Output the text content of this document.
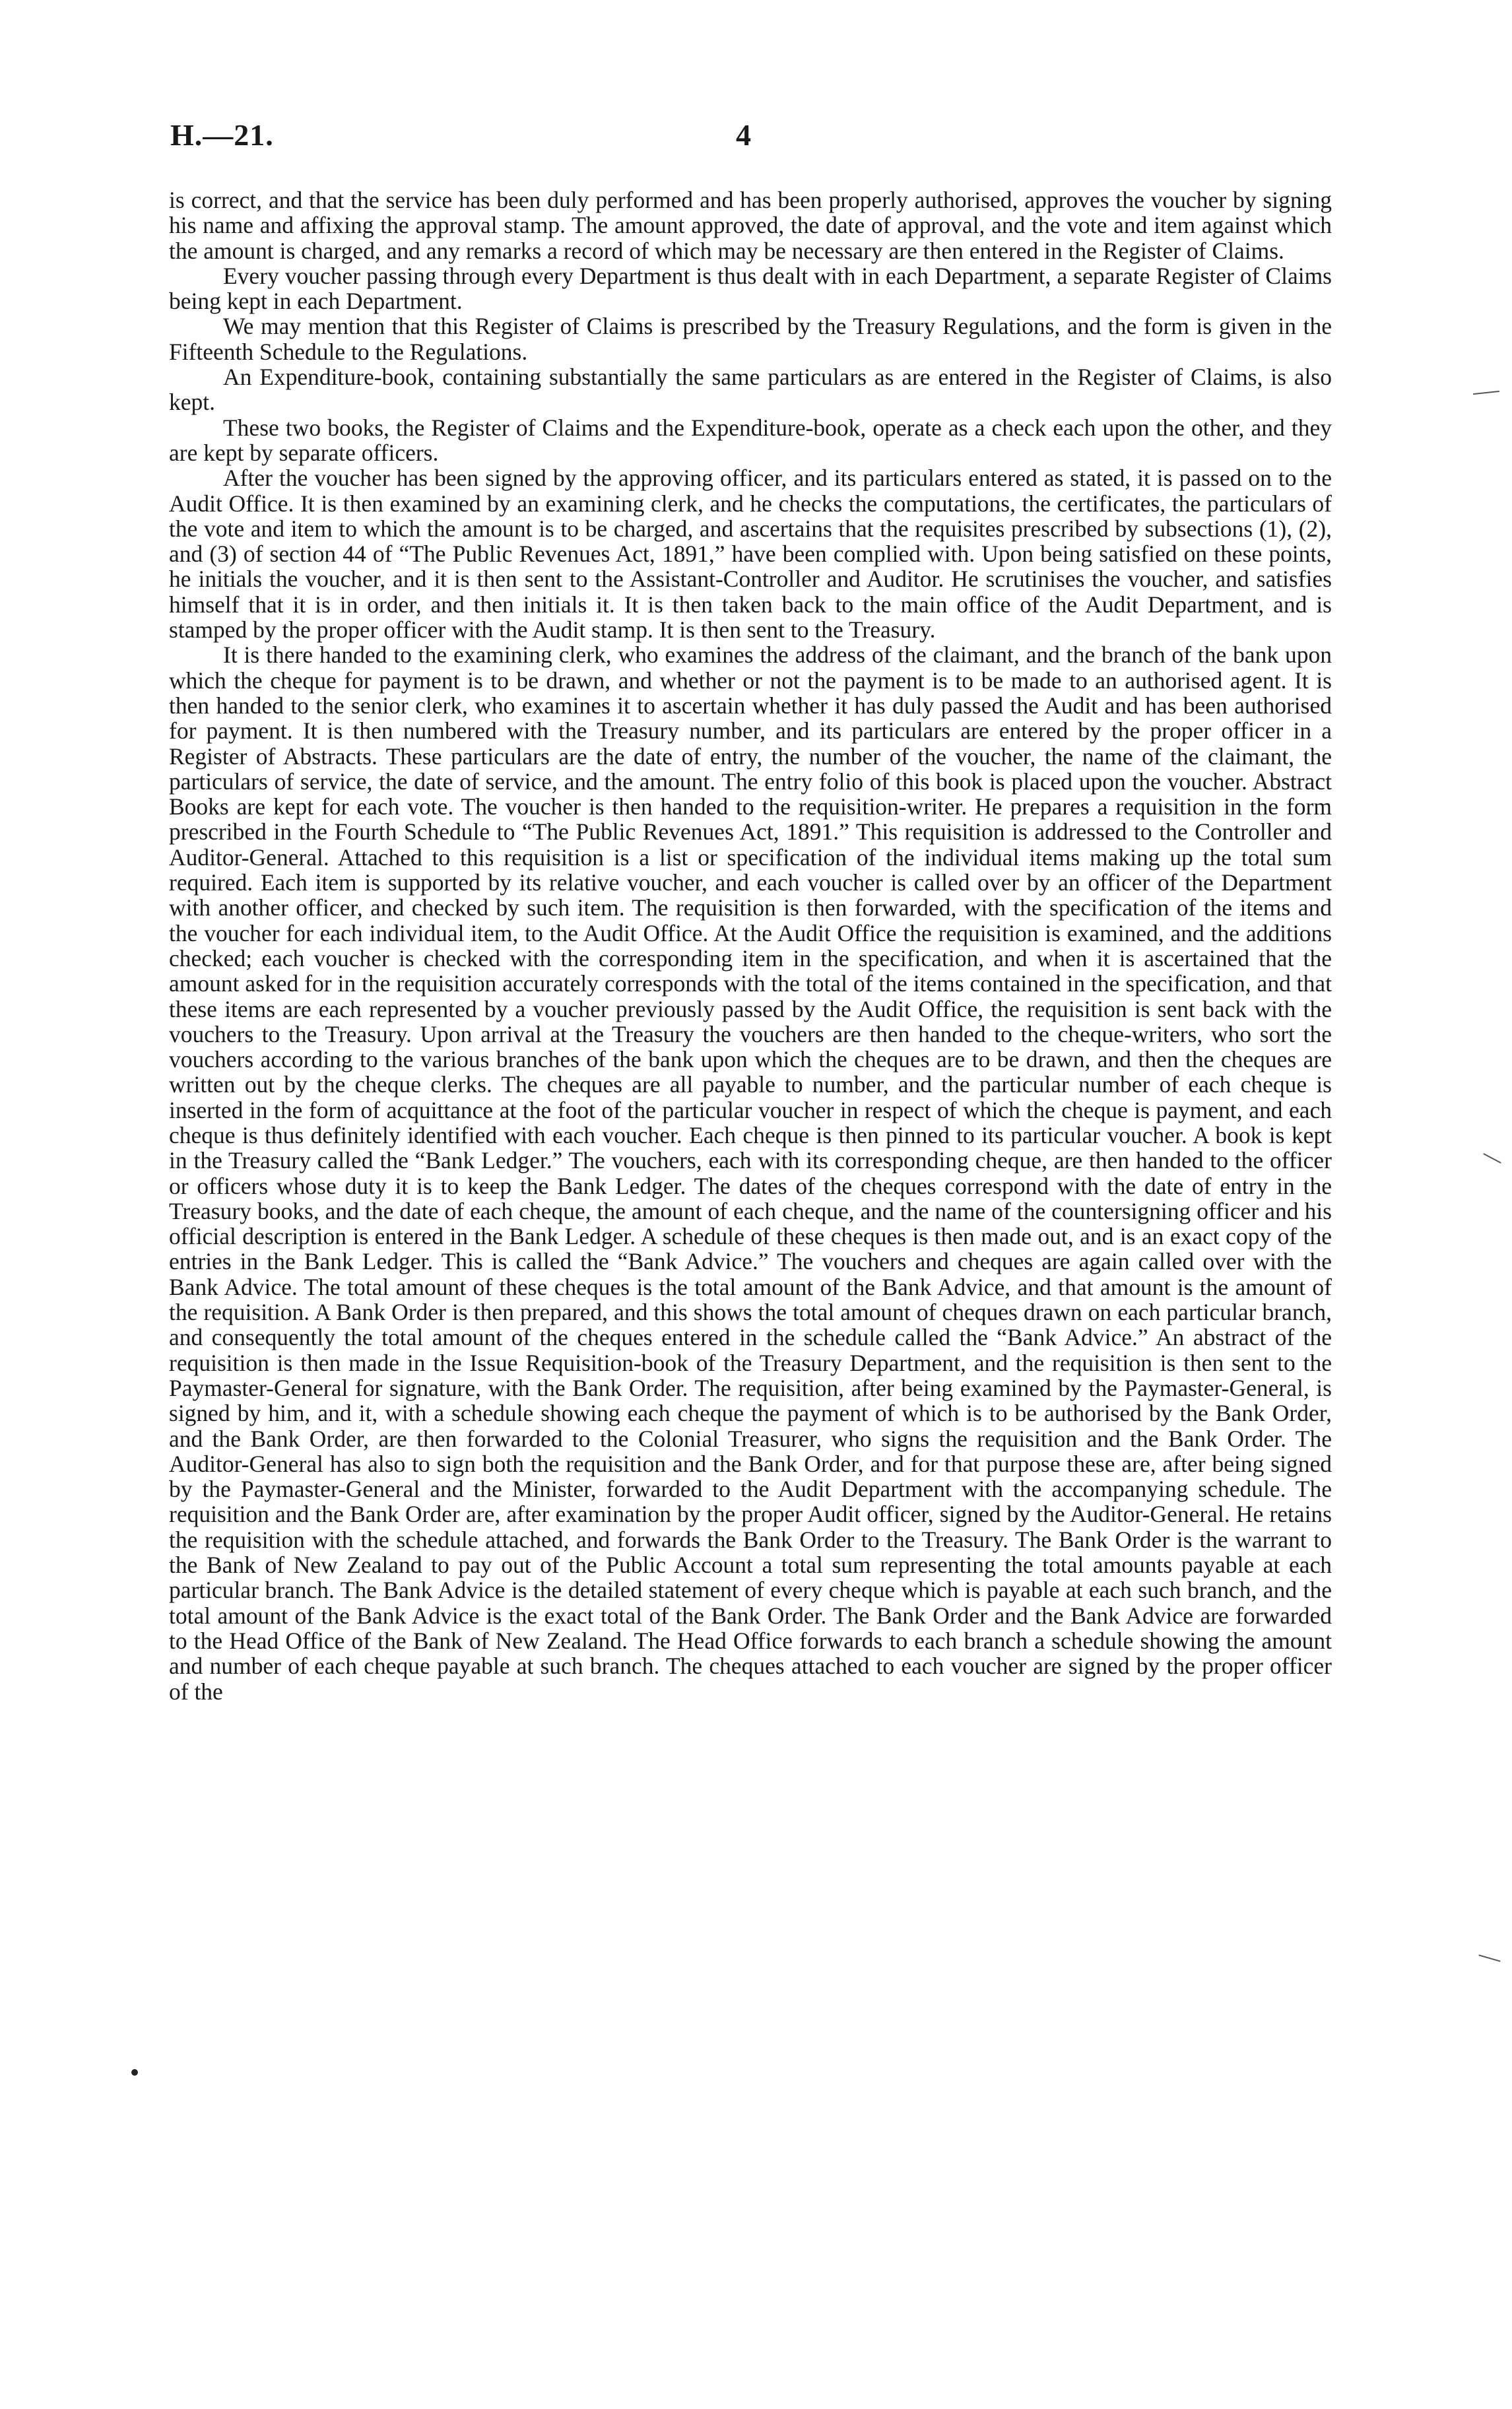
H.—21.	4

is correct, and that the service has been duly performed and has been properly authorised, approves the voucher by signing his name and affixing the approval stamp. The amount approved, the date of approval, and the vote and item against which the amount is charged, and any remarks a record of which may be necessary are then entered in the Register of Claims.

Every voucher passing through every Department is thus dealt with in each Department, a separate Register of Claims being kept in each Department.

We may mention that this Register of Claims is prescribed by the Treasury Regulations, and the form is given in the Fifteenth Schedule to the Regulations.

An Expenditure-book, containing substantially the same particulars as are entered in the Register of Claims, is also kept.

These two books, the Register of Claims and the Expenditure-book, operate as a check each upon the other, and they are kept by separate officers.

After the voucher has been signed by the approving officer, and its particulars entered as stated, it is passed on to the Audit Office. It is then examined by an examining clerk, and he checks the computations, the certificates, the particulars of the vote and item to which the amount is to be charged, and ascertains that the requisites prescribed by subsections (1), (2), and (3) of section 44 of “The Public Revenues Act, 1891,” have been complied with. Upon being satisfied on these points, he initials the voucher, and it is then sent to the Assistant-Controller and Auditor. He scrutinises the voucher, and satisfies himself that it is in order, and then initials it. It is then taken back to the main office of the Audit Department, and is stamped by the proper officer with the Audit stamp. It is then sent to the Treasury.

It is there handed to the examining clerk, who examines the address of the claimant, and the branch of the bank upon which the cheque for payment is to be drawn, and whether or not the payment is to be made to an authorised agent. It is then handed to the senior clerk, who examines it to ascertain whether it has duly passed the Audit and has been authorised for payment. It is then numbered with the Treasury number, and its particulars are entered by the proper officer in a Register of Abstracts. These particulars are the date of entry, the number of the voucher, the name of the claimant, the particulars of service, the date of service, and the amount. The entry folio of this book is placed upon the voucher. Abstract Books are kept for each vote. The voucher is then handed to the requisition-writer. He prepares a requisition in the form prescribed in the Fourth Schedule to “The Public Revenues Act, 1891.” This requisition is addressed to the Controller and Auditor-General. Attached to this requisition is a list or specification of the individual items making up the total sum required. Each item is supported by its relative voucher, and each voucher is called over by an officer of the Department with another officer, and checked by such item. The requisition is then forwarded, with the specification of the items and the voucher for each individual item, to the Audit Office. At the Audit Office the requisition is examined, and the additions checked; each voucher is checked with the corresponding item in the specification, and when it is ascertained that the amount asked for in the requisition accurately corresponds with the total of the items contained in the specification, and that these items are each represented by a voucher previously passed by the Audit Office, the requisition is sent back with the vouchers to the Treasury. Upon arrival at the Treasury the vouchers are then handed to the cheque-writers, who sort the vouchers according to the various branches of the bank upon which the cheques are to be drawn, and then the cheques are written out by the cheque clerks. The cheques are all payable to number, and the particular number of each cheque is inserted in the form of acquittance at the foot of the particular voucher in respect of which the cheque is payment, and each cheque is thus definitely identified with each voucher. Each cheque is then pinned to its particular voucher. A book is kept in the Treasury called the “Bank Ledger.” The vouchers, each with its corresponding cheque, are then handed to the officer or officers whose duty it is to keep the Bank Ledger. The dates of the cheques correspond with the date of entry in the Treasury books, and the date of each cheque, the amount of each cheque, and the name of the countersigning officer and his official description is entered in the Bank Ledger. A schedule of these cheques is then made out, and is an exact copy of the entries in the Bank Ledger. This is called the “Bank Advice.” The vouchers and cheques are again called over with the Bank Advice. The total amount of these cheques is the total amount of the Bank Advice, and that amount is the amount of the requisition. A Bank Order is then prepared, and this shows the total amount of cheques drawn on each particular branch, and consequently the total amount of the cheques entered in the schedule called the “Bank Advice.” An abstract of the requisition is then made in the Issue Requisition-book of the Treasury Department, and the requisition is then sent to the Paymaster-General for signature, with the Bank Order. The requisition, after being examined by the Paymaster-General, is signed by him, and it, with a schedule showing each cheque the payment of which is to be authorised by the Bank Order, and the Bank Order, are then forwarded to the Colonial Treasurer, who signs the requisition and the Bank Order. The Auditor-General has also to sign both the requisition and the Bank Order, and for that purpose these are, after being signed by the Paymaster-General and the Minister, forwarded to the Audit Department with the accompanying schedule. The requisition and the Bank Order are, after examination by the proper Audit officer, signed by the Auditor-General. He retains the requisition with the schedule attached, and forwards the Bank Order to the Treasury. The Bank Order is the warrant to the Bank of New Zealand to pay out of the Public Account a total sum representing the total amounts payable at each particular branch. The Bank Advice is the detailed statement of every cheque which is payable at each such branch, and the total amount of the Bank Advice is the exact total of the Bank Order. The Bank Order and the Bank Advice are forwarded to the Head Office of the Bank of New Zealand. The Head Office forwards to each branch a schedule showing the amount and number of each cheque payable at such branch. The cheques attached to each voucher are signed by the proper officer of the
